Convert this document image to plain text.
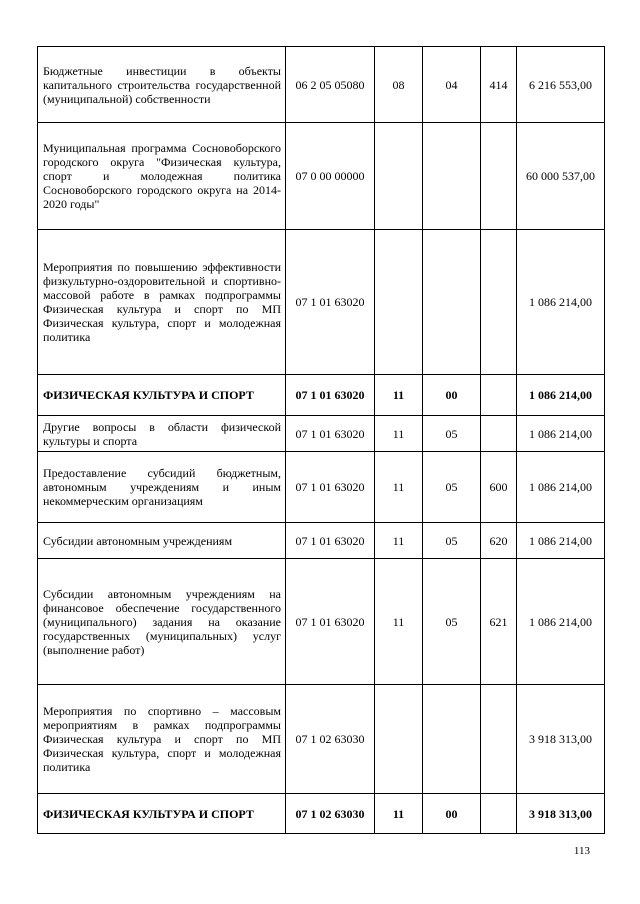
Бюджетные инвестиции в объекты капитального строительства государственной (муниципальной) собственности	06 2 05 05080	08	04	414	6 216 553,00
Муниципальная программа Сосновоборского городского округа "Физическая культура, спорт и молодежная политика Сосновоборского городского округа на 2014-2020 годы"	07 0 00 00000				60 000 537,00
Мероприятия по повышению эффективности физкультурно-оздоровительной и спортивно-массовой работе в рамках подпрограммы Физическая культура и спорт по МП Физическая культура, спорт и молодежная политика	07 1 01 63020				1 086 214,00
ФИЗИЧЕСКАЯ КУЛЬТУРА И СПОРТ	07 1 01 63020	11	00		1 086 214,00
Другие вопросы в области физической культуры и спорта	07 1 01 63020	11	05		1 086 214,00
Предоставление субсидий бюджетным, автономным учреждениям и иным некоммерческим организациям	07 1 01 63020	11	05	600	1 086 214,00
Субсидии автономным учреждениям	07 1 01 63020	11	05	620	1 086 214,00
Субсидии автономным учреждениям на финансовое обеспечение государственного (муниципального) задания на оказание государственных (муниципальных) услуг (выполнение работ)	07 1 01 63020	11	05	621	1 086 214,00
Мероприятия по спортивно – массовым мероприятиям в рамках подпрограммы Физическая культура и спорт по МП Физическая культура, спорт и молодежная политика	07 1 02 63030				3 918 313,00
ФИЗИЧЕСКАЯ КУЛЬТУРА И СПОРТ	07 1 02 63030	11	00		3 918 313,00
113
